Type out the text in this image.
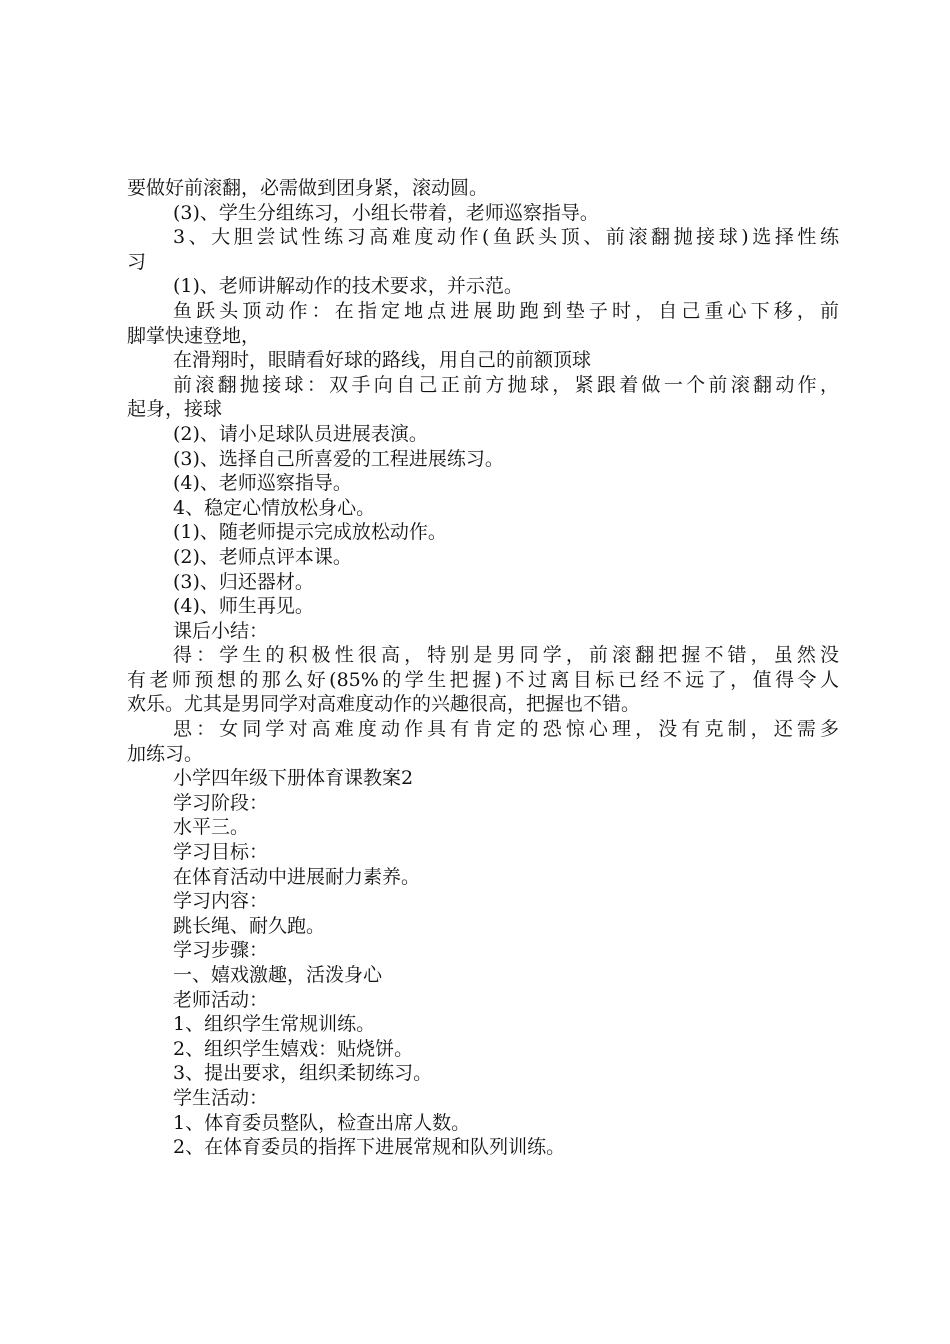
要做好前滚翻，必需做到团身紧，滚动圆。
(3)、学生分组练习，小组长带着，老师巡察指导。
3、大胆尝试性练习高难度动作(鱼跃头顶、前滚翻抛接球)选择性练
习
(1)、老师讲解动作的技术要求，并示范。
鱼跃头顶动作：在指定地点进展助跑到垫子时，自己重心下移，前
脚掌快速登地，
在滑翔时，眼睛看好球的路线，用自己的前额顶球
前滚翻抛接球：双手向自己正前方抛球，紧跟着做一个前滚翻动作，
起身，接球
(2)、请小足球队员进展表演。
(3)、选择自己所喜爱的工程进展练习。
(4)、老师巡察指导。
4、稳定心情放松身心。
(1)、随老师提示完成放松动作。
(2)、老师点评本课。
(3)、归还器材。
(4)、师生再见。
课后小结：
得：学生的积极性很高，特别是男同学，前滚翻把握不错，虽然没
有老师预想的那么好(85%的学生把握)不过离目标已经不远了，值得令人
欢乐。尤其是男同学对高难度动作的兴趣很高，把握也不错。
思：女同学对高难度动作具有肯定的恐惊心理，没有克制，还需多
加练习。
小学四年级下册体育课教案2
学习阶段：
水平三。
学习目标：
在体育活动中进展耐力素养。
学习内容：
跳长绳、耐久跑。
学习步骤：
一、嬉戏激趣，活泼身心
老师活动：
1、组织学生常规训练。
2、组织学生嬉戏：贴烧饼。
3、提出要求，组织柔韧练习。
学生活动：
1、体育委员整队，检查出席人数。
2、在体育委员的指挥下进展常规和队列训练。
